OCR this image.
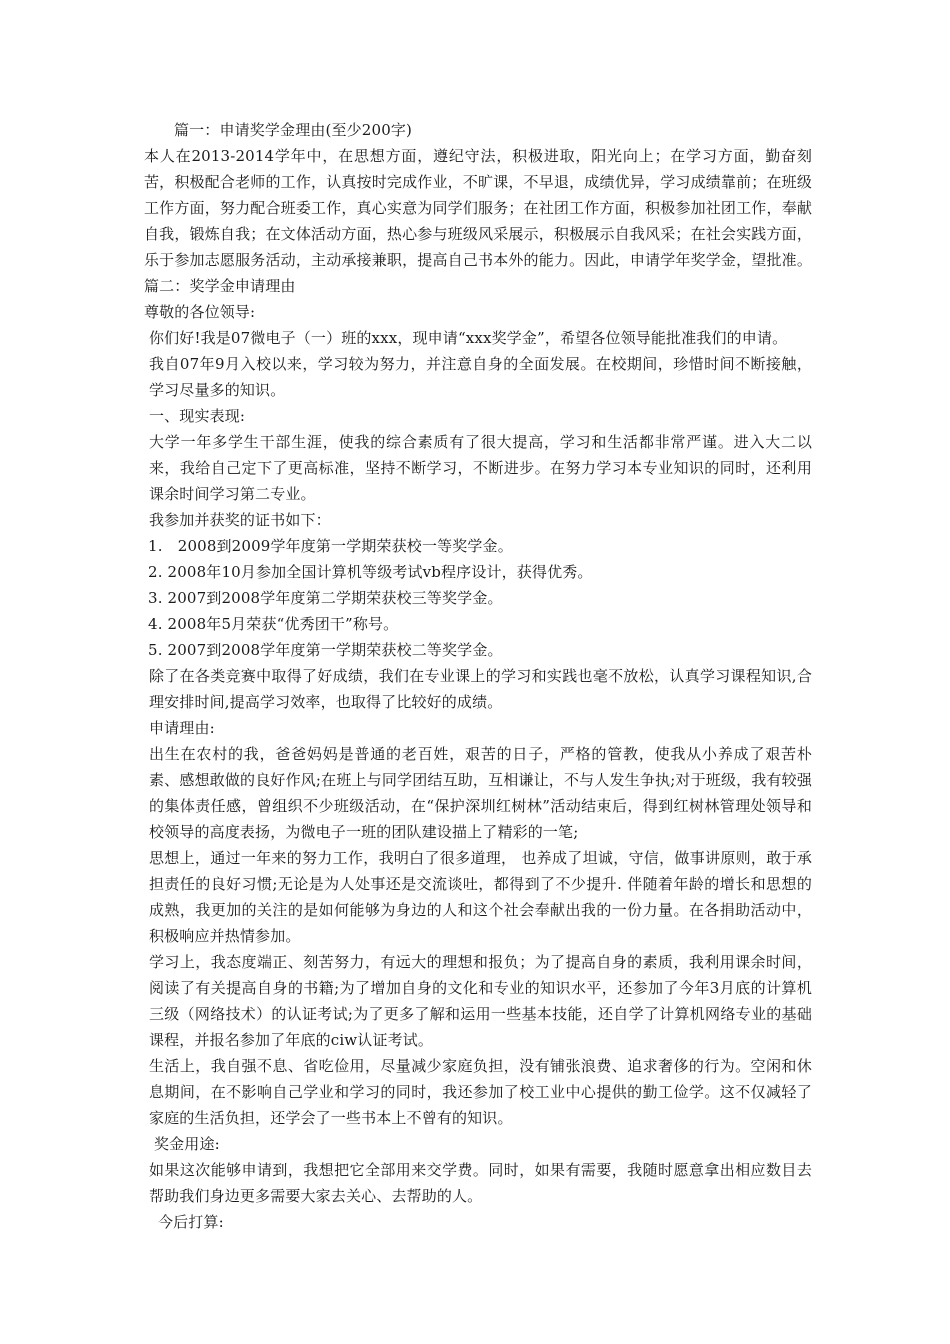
篇一：申请奖学金理由(至少200字)

本人在2013-2014学年中，在思想方面，遵纪守法，积极进取，阳光向上；在学习方面，勤奋刻苦，积极配合老师的工作，认真按时完成作业，不旷课，不早退，成绩优异，学习成绩靠前；在班级工作方面，努力配合班委工作，真心实意为同学们服务；在社团工作方面，积极参加社团工作，奉献自我，锻炼自我；在文体活动方面，热心参与班级风采展示，积极展示自我风采；在社会实践方面，乐于参加志愿服务活动，主动承接兼职，提高自己书本外的能力。因此，申请学年奖学金，望批准。篇二：奖学金申请理由

尊敬的各位领导:

你们好!我是07微电子（一）班的xxx，现申请“xxx奖学金”，希望各位领导能批准我们的申请。

我自07年9月入校以来，学习较为努力，并注意自身的全面发展。在校期间，珍惜时间不断接触，学习尽量多的知识。

一、现实表现:

大学一年多学生干部生涯，使我的综合素质有了很大提高，学习和生活都非常严谨。进入大二以来，我给自己定下了更高标准，坚持不断学习，不断进步。在努力学习本专业知识的同时，还利用课余时间学习第二专业。

我参加并获奖的证书如下：

1.　2008到2009学年度第一学期荣获校一等奖学金。

2. 2008年10月参加全国计算机等级考试vb程序设计，获得优秀。

3. 2007到2008学年度第二学期荣获校三等奖学金。

4. 2008年5月荣获“优秀团干”称号。

5. 2007到2008学年度第一学期荣获校二等奖学金。

除了在各类竞赛中取得了好成绩，我们在专业课上的学习和实践也毫不放松，认真学习课程知识,合理安排时间,提高学习效率，也取得了比较好的成绩。

申请理由:

出生在农村的我，爸爸妈妈是普通的老百姓，艰苦的日子，严格的管教，使我从小养成了艰苦朴素、感想敢做的良好作风;在班上与同学团结互助，互相谦让，不与人发生争执;对于班级，我有较强的集体责任感，曾组织不少班级活动，在“保护深圳红树林”活动结束后，得到红树林管理处领导和校领导的高度表扬，为微电子一班的团队建设描上了精彩的一笔;

思想上，通过一年来的努力工作，我明白了很多道理， 也养成了坦诚，守信，做事讲原则，敢于承担责任的良好习惯;无论是为人处事还是交流谈吐，都得到了不少提升. 伴随着年龄的增长和思想的成熟，我更加的关注的是如何能够为身边的人和这个社会奉献出我的一份力量。在各捐助活动中，积极响应并热情参加。

学习上，我态度端正、刻苦努力，有远大的理想和报负；为了提高自身的素质，我利用课余时间，阅读了有关提高自身的书籍;为了增加自身的文化和专业的知识水平，还参加了今年3月底的计算机三级（网络技术）的认证考试;为了更多了解和运用一些基本技能，还自学了计算机网络专业的基础课程，并报名参加了年底的ciw认证考试。

生活上，我自强不息、省吃俭用，尽量减少家庭负担，没有铺张浪费、追求奢侈的行为。空闲和休息期间，在不影响自己学业和学习的同时，我还参加了校工业中心提供的勤工俭学。这不仅减轻了家庭的生活负担，还学会了一些书本上不曾有的知识。

奖金用途:

如果这次能够申请到，我想把它全部用来交学费。同时，如果有需要，我随时愿意拿出相应数目去帮助我们身边更多需要大家去关心、去帮助的人。

今后打算:
